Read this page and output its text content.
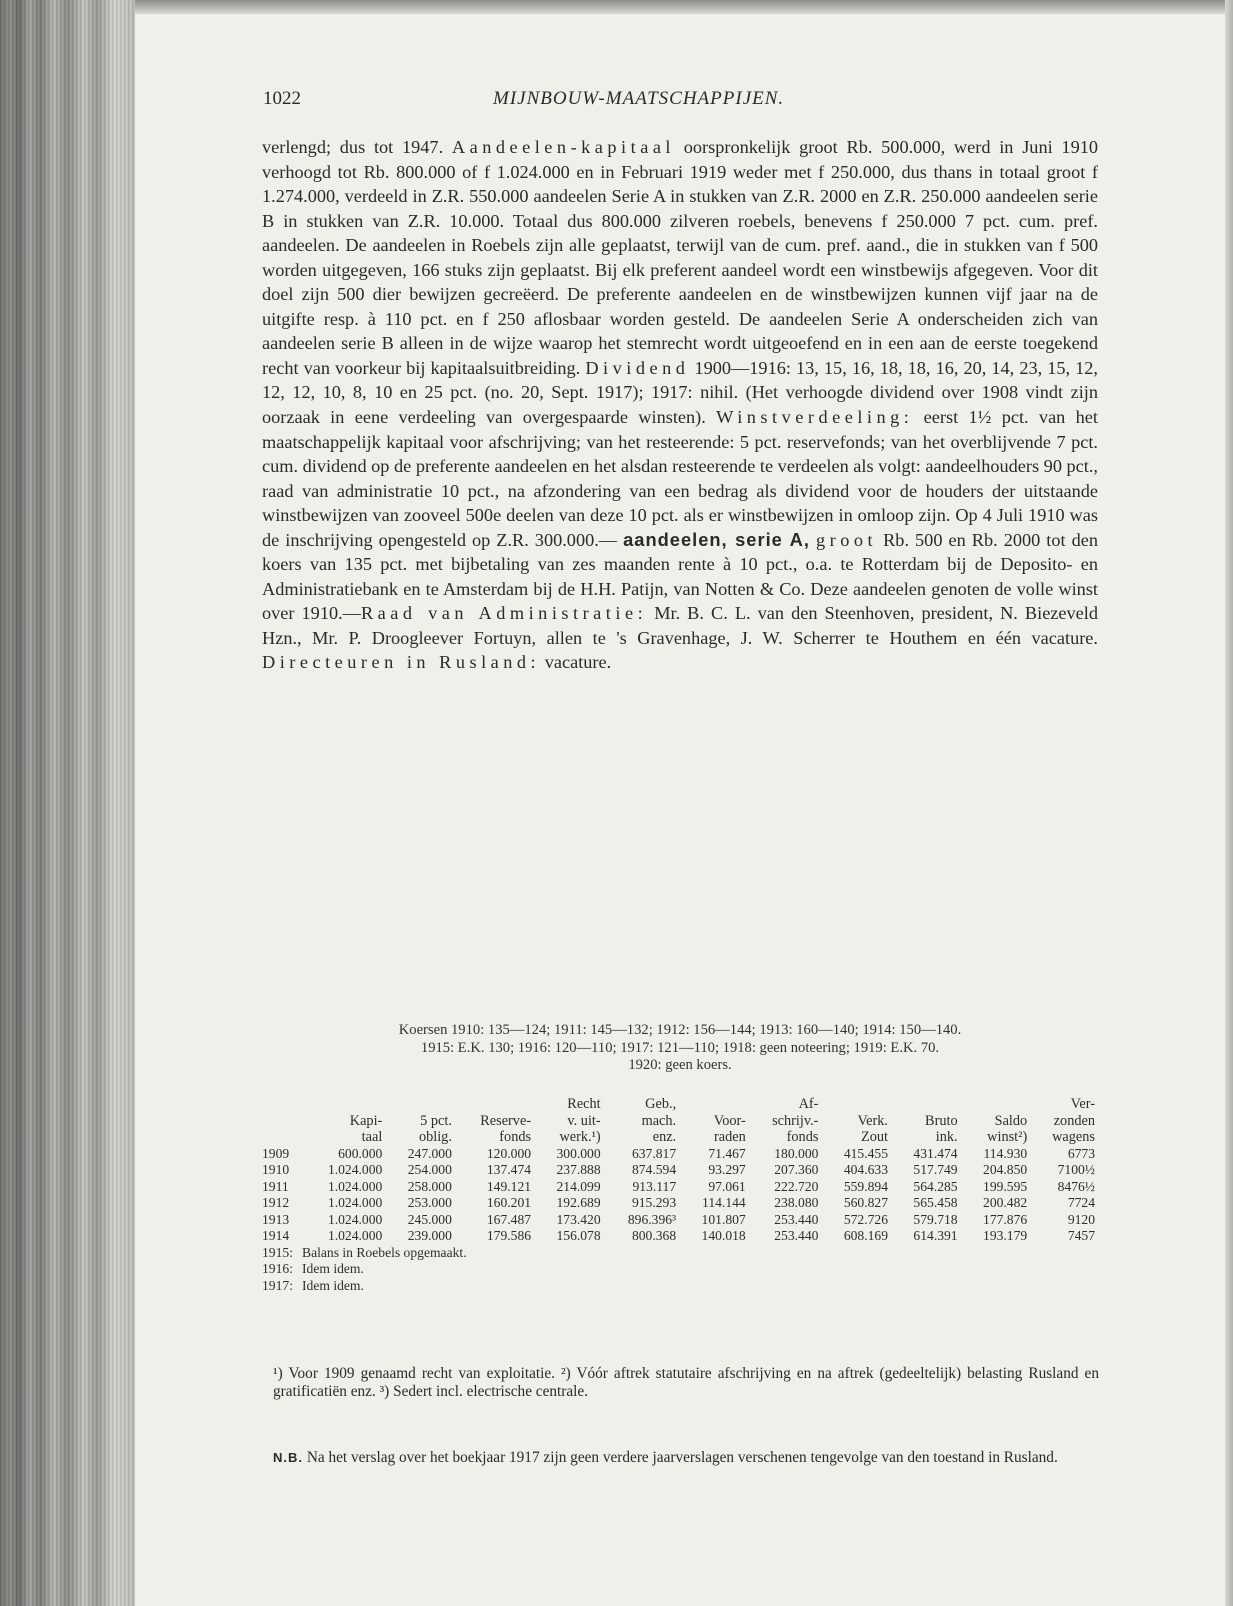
1022	MIJNBOUW-MAATSCHAPPIJEN.

verlengd; dus tot 1947. Aandeelen-kapitaal oorspronkelijk groot Rb. 500.000, werd in Juni 1910 verhoogd tot Rb. 800.000 of f 1.024.000 en in Februari 1919 weder met f 250.000, dus thans in totaal groot f 1.274.000, verdeeld in Z.R. 550.000 aandeelen Serie A in stukken van Z.R. 2000 en Z.R. 250.000 aandeelen serie B in stukken van Z.R. 10.000. Totaal dus 800.000 zilveren roebels, benevens f 250.000 7 pct. cum. pref. aandeelen. De aandeelen in Roebels zijn alle geplaatst, terwijl van de cum. pref. aand., die in stukken van f 500 worden uitgegeven, 166 stuks zijn geplaatst. Bij elk preferent aandeel wordt een winstbewijs afgegeven. Voor dit doel zijn 500 dier bewijzen gecreëerd. De preferente aandeelen en de winstbewijzen kunnen vijf jaar na de uitgifte resp. à 110 pct. en f 250 aflosbaar worden gesteld. De aandeelen Serie A onderscheiden zich van aandeelen serie B alleen in de wijze waarop het stemrecht wordt uitgeoefend en in een aan de eerste toegekend recht van voorkeur bij kapitaalsuitbreiding. Dividend 1900—1916: 13, 15, 16, 18, 18, 16, 20, 14, 23, 15, 12, 12, 12, 10, 8, 10 en 25 pct. (no. 20, Sept. 1917); 1917: nihil. (Het verhoogde dividend over 1908 vindt zijn oorzaak in eene verdeeling van overgespaarde winsten). Winstverdeeling: eerst 1½ pct. van het maatschappelijk kapitaal voor afschrijving; van het resteerende: 5 pct. reservefonds; van het overblijvende 7 pct. cum. dividend op de preferente aandeelen en het alsdan resteerende te verdeelen als volgt: aandeelhouders 90 pct., raad van administratie 10 pct., na afzondering van een bedrag als dividend voor de houders der uitstaande winstbewijzen van zooveel 500e deelen van deze 10 pct. als er winstbewijzen in omloop zijn. Op 4 Juli 1910 was de inschrijving opengesteld op Z.R. 300.000.— aandeelen, serie A, groot Rb. 500 en Rb. 2000 tot den koers van 135 pct. met bijbetaling van zes maanden rente à 10 pct., o.a. te Rotterdam bij de Deposito- en Administratiebank en te Amsterdam bij de H.H. Patijn, van Notten & Co. Deze aandeelen genoten de volle winst over 1910.—Raad van Administratie: Mr. B. C. L. van den Steenhoven, president, N. Biezeveld Hzn., Mr. P. Droogleever Fortuyn, allen te 's Gravenhage, J. W. Scherrer te Houthem en één vacature. Directeuren in Rusland: vacature.

Koersen 1910: 135—124; 1911: 145—132; 1912: 156—144; 1913: 160—140; 1914: 150—140.
1915: E.K. 130; 1916: 120—110; 1917: 121—110; 1918: geen noteering; 1919: E.K. 70.
1920: geen koers.
				Recht	Geb.,		Af-				Ver-
	Kapi-	5 pct.	Reserve-	v. uit-	mach.	Voor-	schrijv.-	Verk.	Bruto	Saldo	zonden
	taal	oblig.	fonds	werk.¹)	enz.	raden	fonds	Zout	ink.	winst²)	wagens
1909	600.000	247.000	120.000	300.000	637.817	71.467	180.000	415.455	431.474	114.930	6773
1910	1.024.000	254.000	137.474	237.888	874.594	93.297	207.360	404.633	517.749	204.850	7100½
1911	1.024.000	258.000	149.121	214.099	913.117	97.061	222.720	559.894	564.285	199.595	8476½
1912	1.024.000	253.000	160.201	192.689	915.293	114.144	238.080	560.827	565.458	200.482	7724
1913	1.024.000	245.000	167.487	173.420	896.396³	101.807	253.440	572.726	579.718	177.876	9120
1914	1.024.000	239.000	179.586	156.078	800.368	140.018	253.440	608.169	614.391	193.179	7457
1915:	Balans in Roebels opgemaakt.										
1916:	Idem idem.										
1917:	Idem idem.										
¹) Voor 1909 genaamd recht van exploitatie. ²) Vóór aftrek statutaire afschrijving en na aftrek (gedeeltelijk) belasting Rusland en gratificatiën enz. ³) Sedert incl. electrische centrale.
N.B. Na het verslag over het boekjaar 1917 zijn geen verdere jaarverslagen verschenen tengevolge van den toestand in Rusland.
